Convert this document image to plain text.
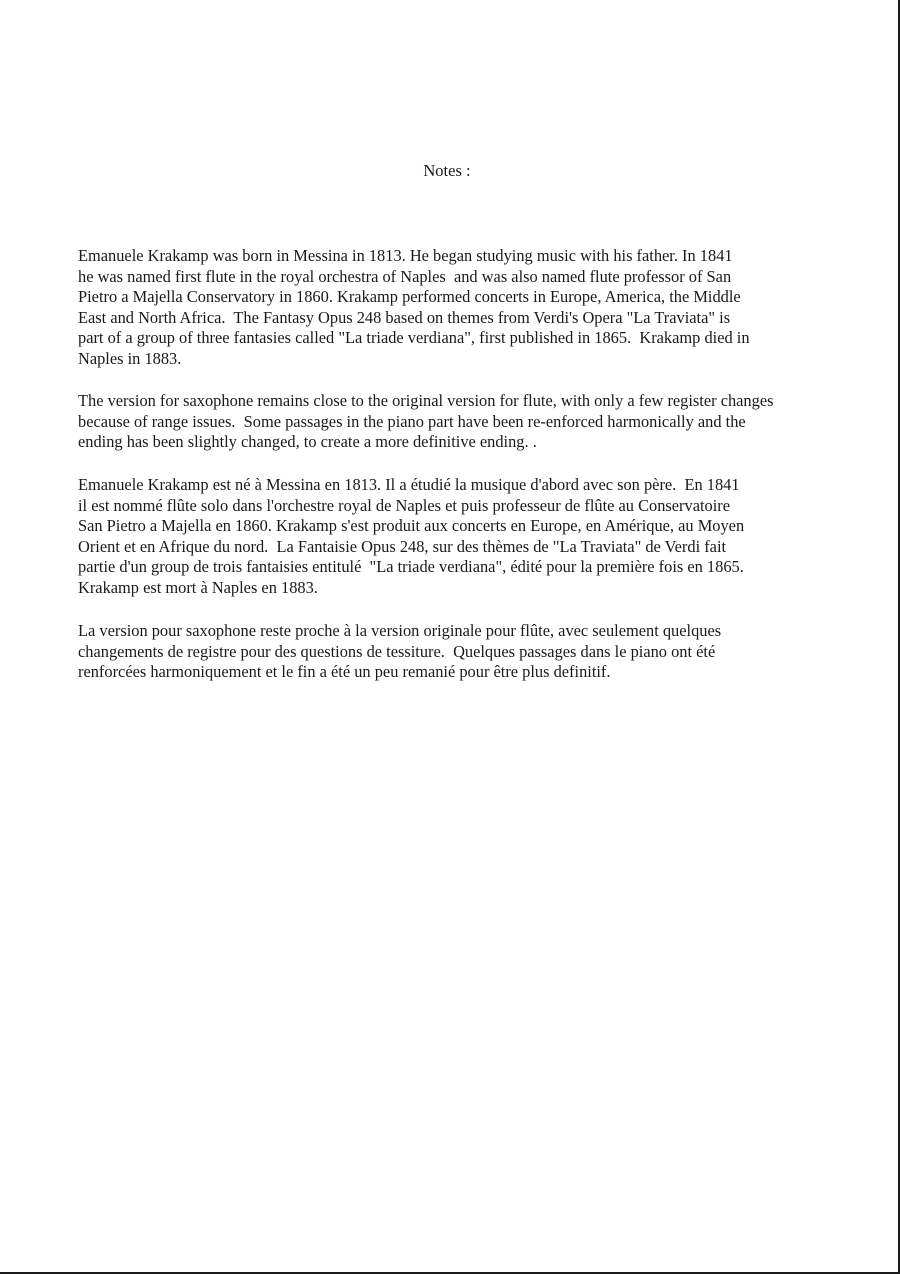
Notes :

Emanuele Krakamp was born in Messina in 1813. He began studying music with his father. In 1841
he was named first flute in the royal orchestra of Naples  and was also named flute professor of San
Pietro a Majella Conservatory in 1860. Krakamp performed concerts in Europe, America, the Middle
East and North Africa.  The Fantasy Opus 248 based on themes from Verdi's Opera "La Traviata" is
part of a group of three fantasies called "La triade verdiana", first published in 1865.  Krakamp died in
Naples in 1883.

The version for saxophone remains close to the original version for flute, with only a few register changes
because of range issues.  Some passages in the piano part have been re-enforced harmonically and the
ending has been slightly changed, to create a more definitive ending. .

Emanuele Krakamp est né à Messina en 1813. Il a étudié la musique d'abord avec son père.  En 1841
il est nommé flûte solo dans l'orchestre royal de Naples et puis professeur de flûte au Conservatoire
San Pietro a Majella en 1860. Krakamp s'est produit aux concerts en Europe, en Amérique, au Moyen
Orient et en Afrique du nord.  La Fantaisie Opus 248, sur des thèmes de "La Traviata" de Verdi fait
partie d'un group de trois fantaisies entitulé  "La triade verdiana", édité pour la première fois en 1865.
Krakamp est mort à Naples en 1883.

La version pour saxophone reste proche à la version originale pour flûte, avec seulement quelques
changements de registre pour des questions de tessiture.  Quelques passages dans le piano ont été
renforcées harmoniquement et le fin a été un peu remanié pour être plus definitif.
